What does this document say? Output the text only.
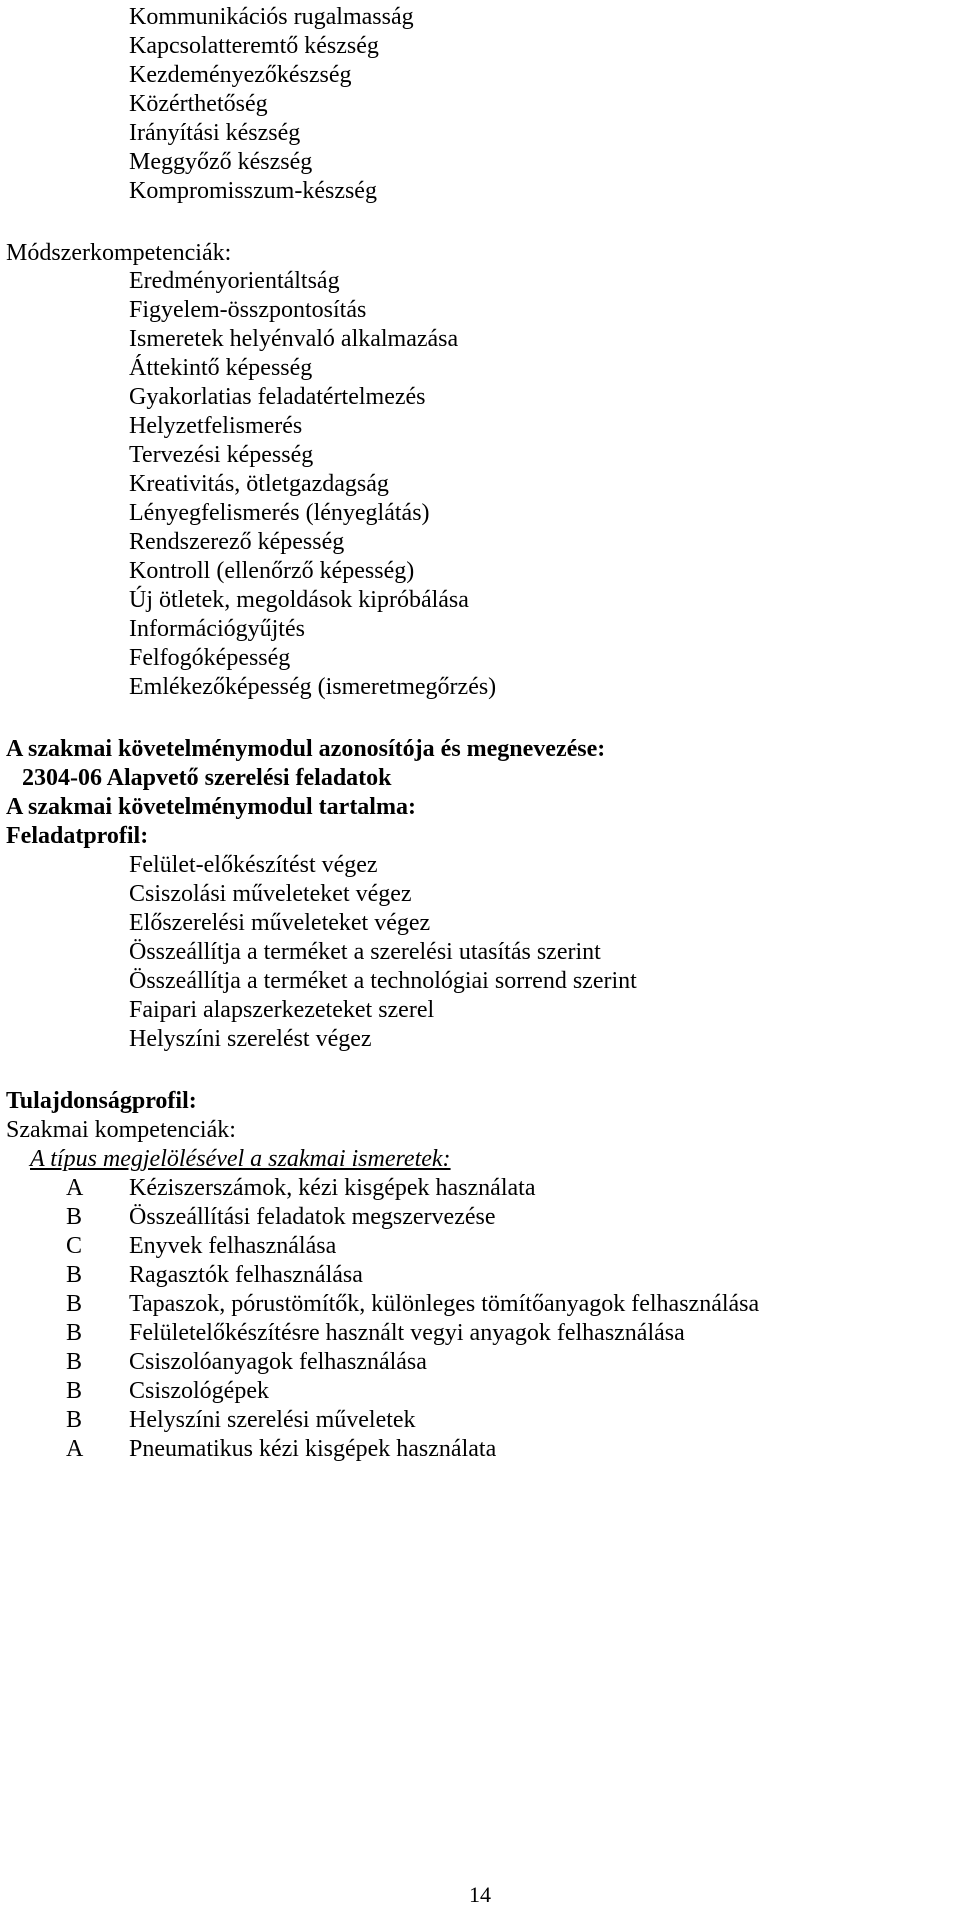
Kommunikációs rugalmasság
Kapcsolatteremtő készség
Kezdeményezőkészség
Közérthetőség
Irányítási készség
Meggyőző készség
Kompromisszum-készség
Módszerkompetenciák:
Eredményorientáltság
Figyelem-összpontosítás
Ismeretek helyénvaló alkalmazása
Áttekintő képesség
Gyakorlatias feladatértelmezés
Helyzetfelismerés
Tervezési képesség
Kreativitás, ötletgazdagság
Lényegfelismerés (lényeglátás)
Rendszerező képesség
Kontroll (ellenőrző képesség)
Új ötletek, megoldások kipróbálása
Információgyűjtés
Felfogóképesség
Emlékezőképesség (ismeretmegőrzés)
A szakmai követelménymodul azonosítója és megnevezése:
2304-06 Alapvető szerelési feladatok
A szakmai követelménymodul tartalma:
Feladatprofil:
Felület-előkészítést végez
Csiszolási műveleteket végez
Előszerelési műveleteket végez
Összeállítja a terméket a szerelési utasítás szerint
Összeállítja a terméket a technológiai sorrend szerint
Faipari alapszerkezeteket szerel
Helyszíni szerelést végez
Tulajdonságprofil:
Szakmai kompetenciák:
A típus megjelölésével a szakmai ismeretek:
A Kéziszerszámok, kézi kisgépek használata
B Összeállítási feladatok megszervezése
C Enyvek felhasználása
B Ragasztók felhasználása
B Tapaszok, pórustömítők, különleges tömítőanyagok felhasználása
B Felületelőkészítésre használt vegyi anyagok felhasználása
B Csiszolóanyagok felhasználása
B Csiszológépek
B Helyszíni szerelési műveletek
A Pneumatikus kézi kisgépek használata
14
